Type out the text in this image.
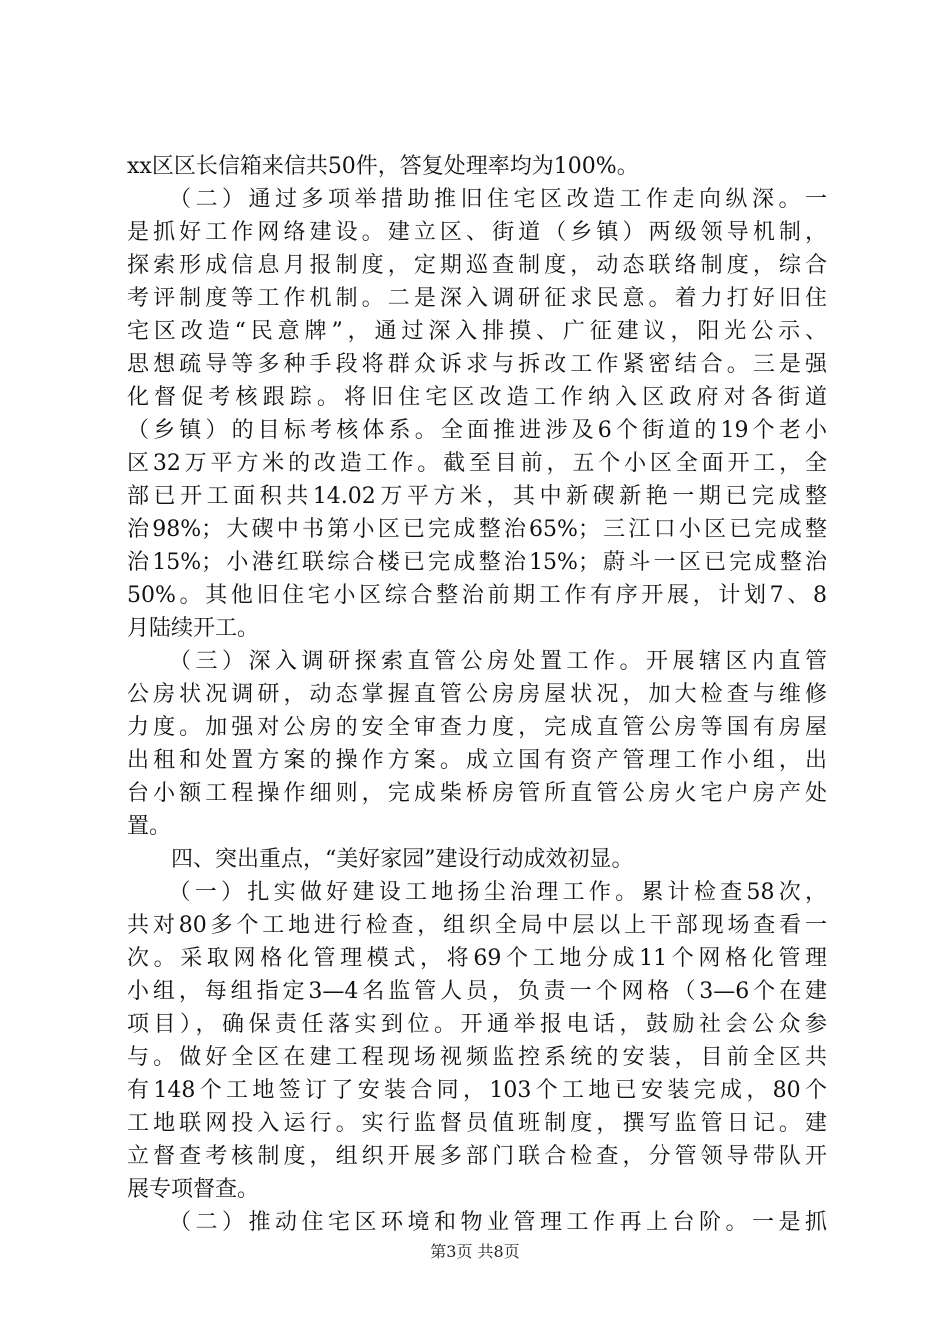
xx区区长信箱来信共50件，答复处理率均为100%。
　　（二）通过多项举措助推旧住宅区改造工作走向纵深。一
是抓好工作网络建设。建立区、街道（乡镇）两级领导机制，
探索形成信息月报制度，定期巡查制度，动态联络制度，综合
考评制度等工作机制。二是深入调研征求民意。着力打好旧住
宅区改造“民意牌”，通过深入排摸、广征建议，阳光公示、
思想疏导等多种手段将群众诉求与拆改工作紧密结合。三是强
化督促考核跟踪。将旧住宅区改造工作纳入区政府对各街道
（乡镇）的目标考核体系。全面推进涉及6个街道的19个老小
区32万平方米的改造工作。截至目前，五个小区全面开工，全
部已开工面积共14.02万平方米，其中新碶新艳一期已完成整
治98%；大碶中书第小区已完成整治65%；三江口小区已完成整
治15%；小港红联综合楼已完成整治15%；蔚斗一区已完成整治
50%。其他旧住宅小区综合整治前期工作有序开展，计划7、8
月陆续开工。
　　（三）深入调研探索直管公房处置工作。开展辖区内直管
公房状况调研，动态掌握直管公房房屋状况，加大检查与维修
力度。加强对公房的安全审查力度，完成直管公房等国有房屋
出租和处置方案的操作方案。成立国有资产管理工作小组，出
台小额工程操作细则，完成柴桥房管所直管公房火宅户房产处
置。
　　四、突出重点，“美好家园”建设行动成效初显。
　　（一）扎实做好建设工地扬尘治理工作。累计检查58次，
共对80多个工地进行检查，组织全局中层以上干部现场查看一
次。采取网格化管理模式，将69个工地分成11个网格化管理
小组，每组指定3—4名监管人员，负责一个网格（3—6个在建
项目），确保责任落实到位。开通举报电话，鼓励社会公众参
与。做好全区在建工程现场视频监控系统的安装，目前全区共
有148个工地签订了安装合同，103个工地已安装完成，80个
工地联网投入运行。实行监督员值班制度，撰写监管日记。建
立督查考核制度，组织开展多部门联合检查，分管领导带队开
展专项督查。
　　（二）推动住宅区环境和物业管理工作再上台阶。一是抓
第3页 共8页
